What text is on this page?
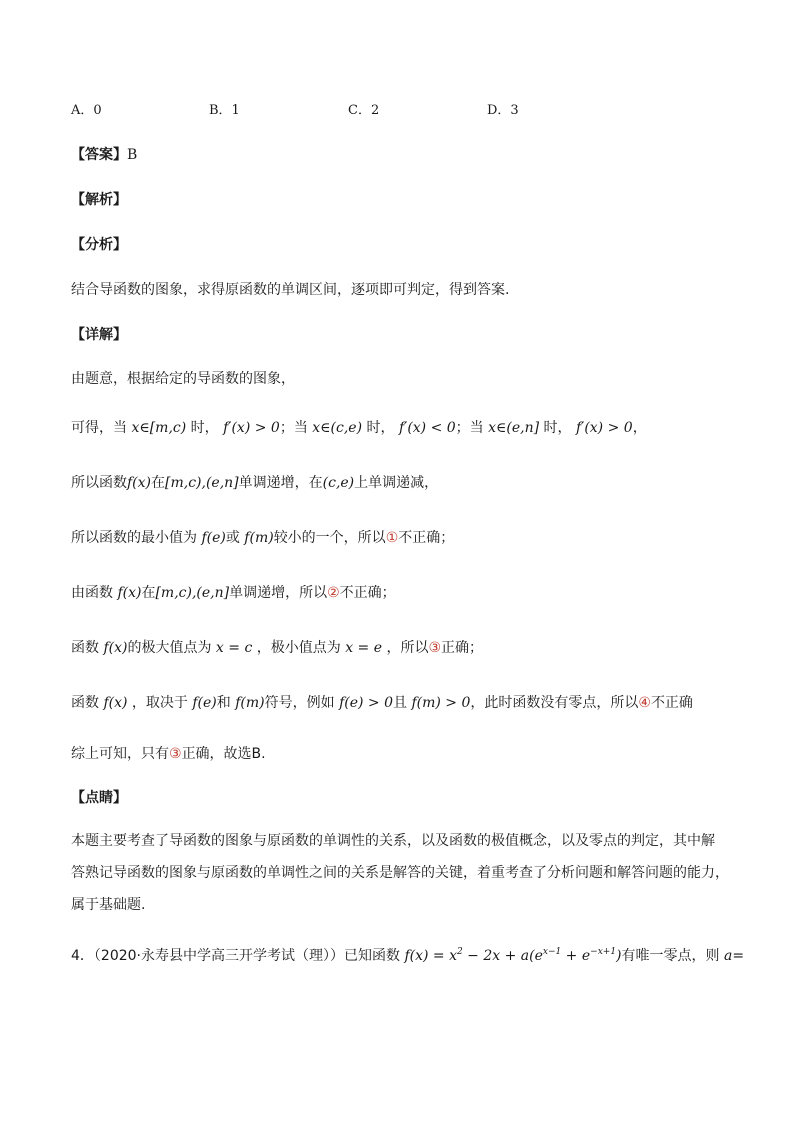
A．0	B．1	C．2	D．3
【答案】B
【解析】
【分析】
结合导函数的图象，求得原函数的单调区间，逐项即可判定，得到答案.
【详解】
由题意，根据给定的导函数的图象，
可得，当 x∈[m,c) 时， f′(x) > 0；当 x∈(c,e) 时， f′(x) < 0；当 x∈(e,n] 时， f′(x) > 0，
所以函数f(x)在[m,c),(e,n]单调递增，在(c,e)上单调递减，
所以函数的最小值为 f(e)或 f(m)较小的一个，所以①不正确；
由函数 f(x)在[m,c),(e,n]单调递增，所以②不正确；
函数 f(x)的极大值点为 x = c ，极小值点为 x = e ，所以③正确；
函数 f(x) ，取决于 f(e)和 f(m)符号，例如 f(e) > 0且 f(m) > 0，此时函数没有零点，所以④不正确
综上可知，只有③正确，故选B.
【点睛】
本题主要考查了导函数的图象与原函数的单调性的关系，以及函数的极值概念，以及零点的判定，其中解
答熟记导函数的图象与原函数的单调性之间的关系是解答的关键，着重考查了分析问题和解答问题的能力，
属于基础题.
4．（2020·永寿县中学高三开学考试（理））已知函数 $f(x) = x^2 - 2x + a(e^{x-1} + e^{-x+1})$有唯一零点，则 a=
